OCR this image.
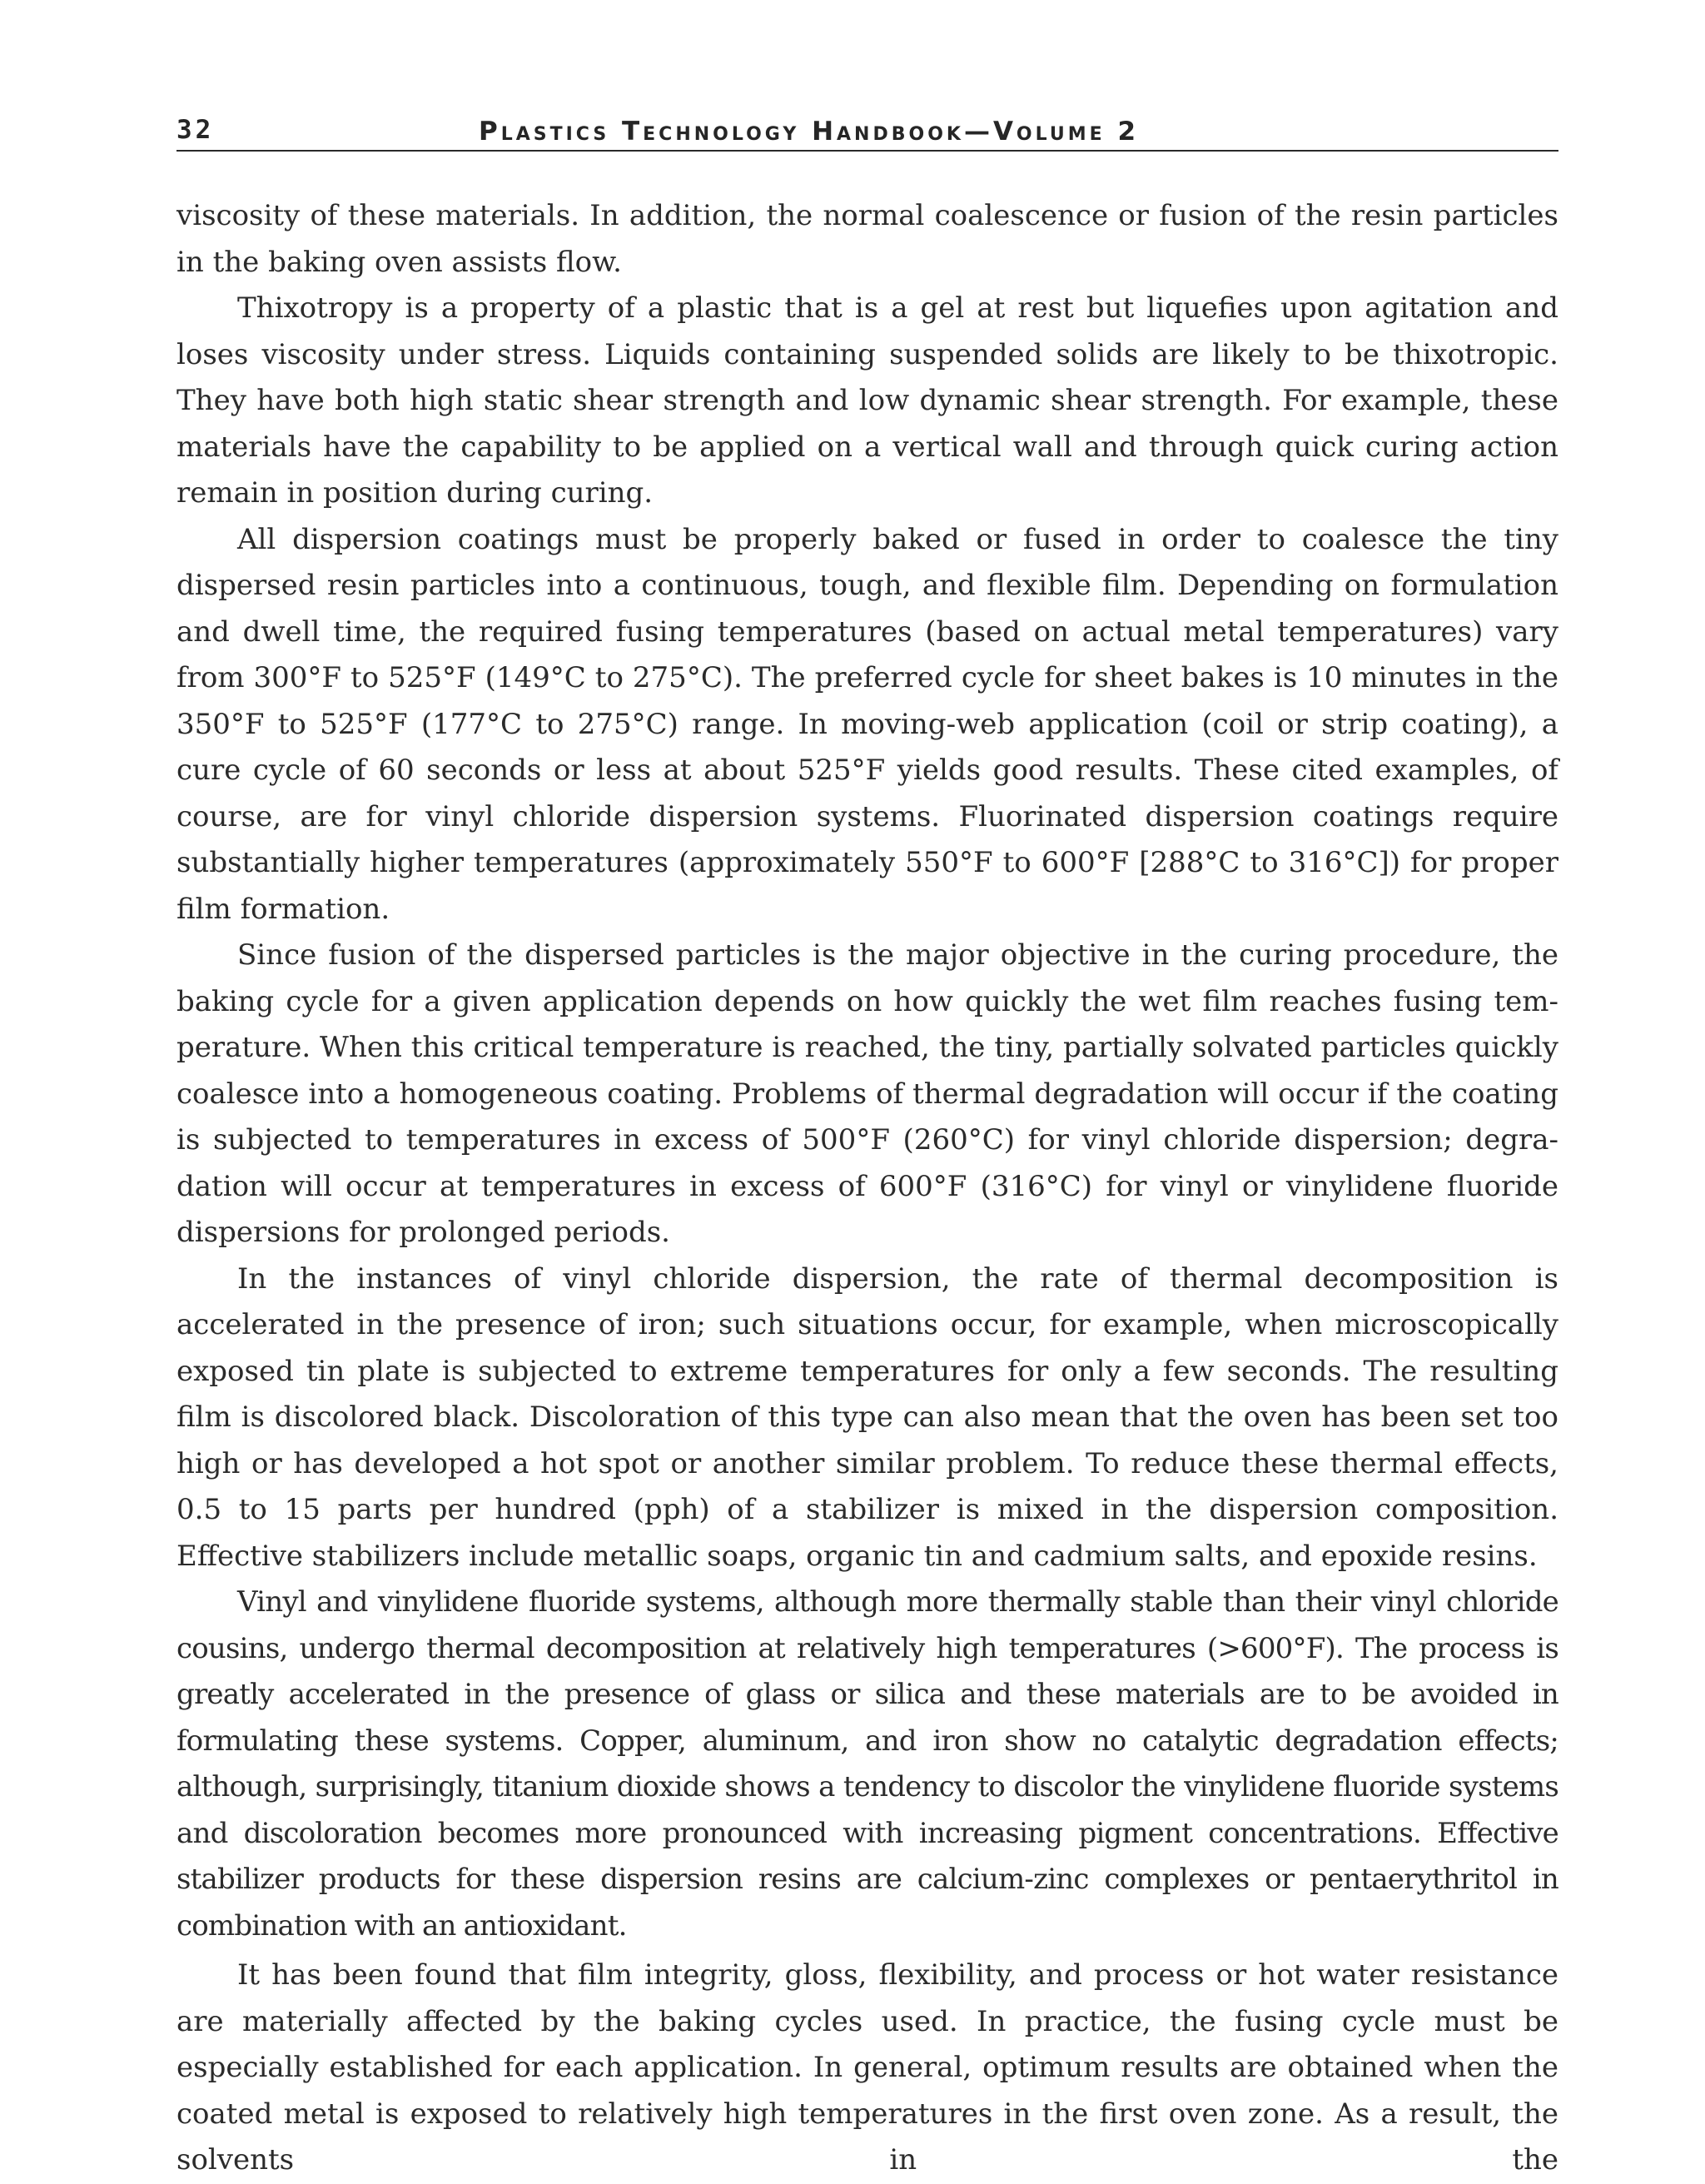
32	Plastics Technology Handbook—Volume 2

viscosity of these materials. In addition, the normal coalescence or fusion of the resin particles in the baking oven assists flow.

Thixotropy is a property of a plastic that is a gel at rest but liquefies upon agitation and loses viscosity under stress. Liquids containing suspended solids are likely to be thixotropic. They have both high static shear strength and low dynamic shear strength. For example, these materials have the capability to be applied on a vertical wall and through quick curing action remain in position during curing.

All dispersion coatings must be properly baked or fused in order to coalesce the tiny dispersed resin particles into a continuous, tough, and flexible film. Depending on formulation and dwell time, the required fusing temperatures (based on actual metal temperatures) vary from 300°F to 525°F (149°C to 275°C). The preferred cycle for sheet bakes is 10 minutes in the 350°F to 525°F (177°C to 275°C) range. In moving-web application (coil or strip coating), a cure cycle of 60 seconds or less at about 525°F yields good results. These cited examples, of course, are for vinyl chloride dispersion systems. Fluorinated dispersion coatings require substantially higher temperatures (approximately 550°F to 600°F [288°C to 316°C]) for proper film formation.

Since fusion of the dispersed particles is the major objective in the curing procedure, the baking cycle for a given application depends on how quickly the wet film reaches fusing temperature. When this critical temperature is reached, the tiny, partially solvated particles quickly coalesce into a homogeneous coating. Problems of thermal degradation will occur if the coating is subjected to temperatures in excess of 500°F (260°C) for vinyl chloride dispersion; degradation will occur at temperatures in excess of 600°F (316°C) for vinyl or vinylidene fluoride dispersions for prolonged periods.

In the instances of vinyl chloride dispersion, the rate of thermal decomposition is accelerated in the presence of iron; such situations occur, for example, when microscopically exposed tin plate is subjected to extreme temperatures for only a few seconds. The resulting film is discolored black. Discoloration of this type can also mean that the oven has been set too high or has developed a hot spot or another similar problem. To reduce these thermal effects, 0.5 to 15 parts per hundred (pph) of a stabilizer is mixed in the dispersion composition. Effective stabilizers include metallic soaps, organic tin and cadmium salts, and epoxide resins.

Vinyl and vinylidene fluoride systems, although more thermally stable than their vinyl chloride cousins, undergo thermal decomposition at relatively high temperatures (>600°F). The process is greatly accelerated in the presence of glass or silica and these materials are to be avoided in formulating these systems. Copper, aluminum, and iron show no catalytic degradation effects; although, surprisingly, titanium dioxide shows a tendency to discolor the vinylidene fluoride systems and discoloration becomes more pronounced with increasing pigment concentrations. Effective stabilizer products for these dispersion resins are calcium-zinc complexes or pentaerythritol in combination with an antioxidant.

It has been found that film integrity, gloss, flexibility, and process or hot water resistance are materially affected by the baking cycles used. In practice, the fusing cycle must be especially established for each application. In general, optimum results are obtained when the coated metal is exposed to relatively high temperatures in the first oven zone. As a result, the solvents in the
